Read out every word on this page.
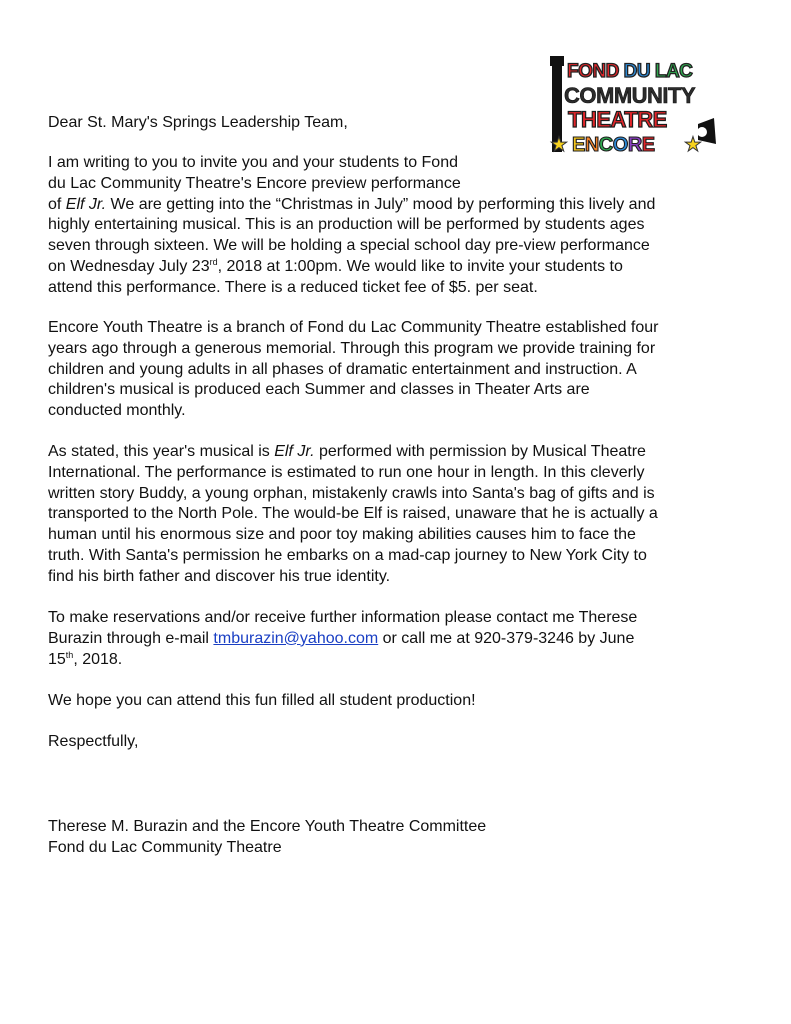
FOND DU LAC
COMMUNITY
THEATRE
★ ENCORE ★
Dear St. Mary's Springs Leadership Team,
I am writing to you to invite you and your students to Fond
du Lac Community Theatre's Encore preview performance
of Elf Jr. We are getting into the “Christmas in July” mood by performing this lively and
highly entertaining musical. This is an production will be performed by students ages
seven through sixteen. We will be holding a special school day pre-view performance
on Wednesday July 23rd, 2018 at 1:00pm. We would like to invite your students to
attend this performance. There is a reduced ticket fee of $5. per seat.
Encore Youth Theatre is a branch of Fond du Lac Community Theatre established four
years ago through a generous memorial. Through this program we provide training for
children and young adults in all phases of dramatic entertainment and instruction. A
children's musical is produced each Summer and classes in Theater Arts are
conducted monthly.
As stated, this year's musical is Elf Jr. performed with permission by Musical Theatre
International. The performance is estimated to run one hour in length. In this cleverly
written story Buddy, a young orphan, mistakenly crawls into Santa's bag of gifts and is
transported to the North Pole. The would-be Elf is raised, unaware that he is actually a
human until his enormous size and poor toy making abilities causes him to face the
truth. With Santa's permission he embarks on a mad-cap journey to New York City to
find his birth father and discover his true identity.
To make reservations and/or receive further information please contact me Therese
Burazin through e-mail tmburazin@yahoo.com or call me at 920-379-3246 by June
15th, 2018.
We hope you can attend this fun filled all student production!
Respectfully,
Therese M. Burazin and the Encore Youth Theatre Committee
Fond du Lac Community Theatre
